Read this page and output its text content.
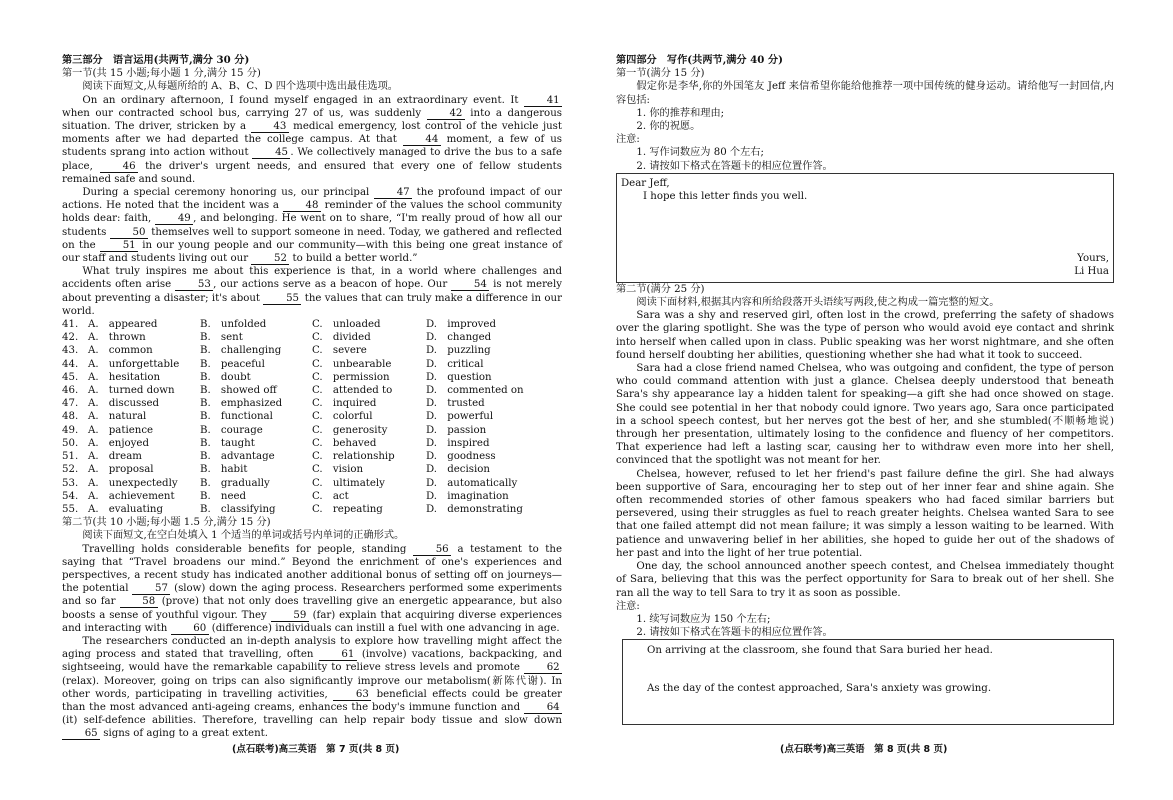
第三部分　语言运用(共两节,满分 30 分)

第一节(共 15 小题;每小题 1 分,满分 15 分)

阅读下面短文,从每题所给的 A、B、C、D 四个选项中选出最佳选项。

On an ordinary afternoon, I found myself engaged in an extraordinary event. It 41 when our contracted school bus, carrying 27 of us, was suddenly 42 into a dangerous situation. The driver, stricken by a 43 medical emergency, lost control of the vehicle just moments after we had departed the college campus. At that 44 moment, a few of us students sprang into action without 45 . We collectively managed to drive the bus to a safe place, 46 the driver's urgent needs, and ensured that every one of fellow students remained safe and sound.

During a special ceremony honoring us, our principal 47 the profound impact of our actions. He noted that the incident was a 48 reminder of the values the school community holds dear: faith, 49 , and belonging. He went on to share, “I'm really proud of how all our students 50 themselves well to support someone in need. Today, we gathered and reflected on the 51 in our young people and our community—with this being one great instance of our staff and students living out our 52 to build a better world.”

What truly inspires me about this experience is that, in a world where challenges and accidents often arise 53 , our actions serve as a beacon of hope. Our 54 is not merely about preventing a disaster; it's about 55 the values that can truly make a difference in our world.

41.	A.　appeared	B.　unfolded	C.　unloaded	D.　improved
42.	A.　thrown	B.　sent	C.　divided	D.　changed
43.	A.　common	B.　challenging	C.　severe	D.　puzzling
44.	A.　unforgettable	B.　peaceful	C.　unbearable	D.　critical
45.	A.　hesitation	B.　doubt	C.　permission	D.　question
46.	A.　turned down	B.　showed off	C.　attended to	D.　commented on
47.	A.　discussed	B.　emphasized	C.　inquired	D.　trusted
48.	A.　natural	B.　functional	C.　colorful	D.　powerful
49.	A.　patience	B.　courage	C.　generosity	D.　passion
50.	A.　enjoyed	B.　taught	C.　behaved	D.　inspired
51.	A.　dream	B.　advantage	C.　relationship	D.　goodness
52.	A.　proposal	B.　habit	C.　vision	D.　decision
53.	A.　unexpectedly	B.　gradually	C.　ultimately	D.　automatically
54.	A.　achievement	B.　need	C.　act	D.　imagination
55.	A.　evaluating	B.　classifying	C.　repeating	D.　demonstrating

第二节(共 10 小题;每小题 1.5 分,满分 15 分)

阅读下面短文,在空白处填入 1 个适当的单词或括号内单词的正确形式。

Travelling holds considerable benefits for people, standing 56 a testament to the saying that “Travel broadens our mind.” Beyond the enrichment of one's experiences and perspectives, a recent study has indicated another additional bonus of setting off on journeys—the potential 57 (slow) down the aging process. Researchers performed some experiments and so far 58 (prove) that not only does travelling give an energetic appearance, but also boosts a sense of youthful vigour. They 59 (far) explain that acquiring diverse experiences and interacting with 60 (difference) individuals can instill a fuel with one advancing in age.

The researchers conducted an in-depth analysis to explore how travelling might affect the aging process and stated that travelling, often 61 (involve) vacations, backpacking, and sightseeing, would have the remarkable capability to relieve stress levels and promote 62 (relax). Moreover, going on trips can also significantly improve our metabolism(新陈代谢). In other words, participating in travelling activities, 63 beneficial effects could be greater than the most advanced anti-ageing creams, enhances the body's immune function and 64 (it) self-defence abilities. Therefore, travelling can help repair body tissue and slow down 65 signs of aging to a great extent.

(点石联考)高三英语　第 7 页(共 8 页)

第四部分　写作(共两节,满分 40 分)

第一节(满分 15 分)

假定你是李华,你的外国笔友 Jeff 来信希望你能给他推荐一项中国传统的健身运动。请给他写一封回信,内容包括:

1. 你的推荐和理由;

2. 你的祝愿。

注意:

1. 写作词数应为 80 个左右;

2. 请按如下格式在答题卡的相应位置作答。

Dear Jeff,
I hope this letter finds you well.
Yours,
Li Hua

第二节(满分 25 分)

阅读下面材料,根据其内容和所给段落开头语续写两段,使之构成一篇完整的短文。

Sara was a shy and reserved girl, often lost in the crowd, preferring the safety of shadows over the glaring spotlight. She was the type of person who would avoid eye contact and shrink into herself when called upon in class. Public speaking was her worst nightmare, and she often found herself doubting her abilities, questioning whether she had what it took to succeed.

Sara had a close friend named Chelsea, who was outgoing and confident, the type of person who could command attention with just a glance. Chelsea deeply understood that beneath Sara's shy appearance lay a hidden talent for speaking—a gift she had once showed on stage. She could see potential in her that nobody could ignore. Two years ago, Sara once participated in a school speech contest, but her nerves got the best of her, and she stumbled(不顺畅地说) through her presentation, ultimately losing to the confidence and fluency of her competitors. That experience had left a lasting scar, causing her to withdraw even more into her shell, convinced that the spotlight was not meant for her.

Chelsea, however, refused to let her friend's past failure define the girl. She had always been supportive of Sara, encouraging her to step out of her inner fear and shine again. She often recommended stories of other famous speakers who had faced similar barriers but persevered, using their struggles as fuel to reach greater heights. Chelsea wanted Sara to see that one failed attempt did not mean failure; it was simply a lesson waiting to be learned. With patience and unwavering belief in her abilities, she hoped to guide her out of the shadows of her past and into the light of her true potential.

One day, the school announced another speech contest, and Chelsea immediately thought of Sara, believing that this was the perfect opportunity for Sara to break out of her shell. She ran all the way to tell Sara to try it as soon as possible.

注意:

1. 续写词数应为 150 个左右;

2. 请按如下格式在答题卡的相应位置作答。

On arriving at the classroom, she found that Sara buried her head.
As the day of the contest approached, Sara's anxiety was growing.
(点石联考)高三英语　第 8 页(共 8 页)
